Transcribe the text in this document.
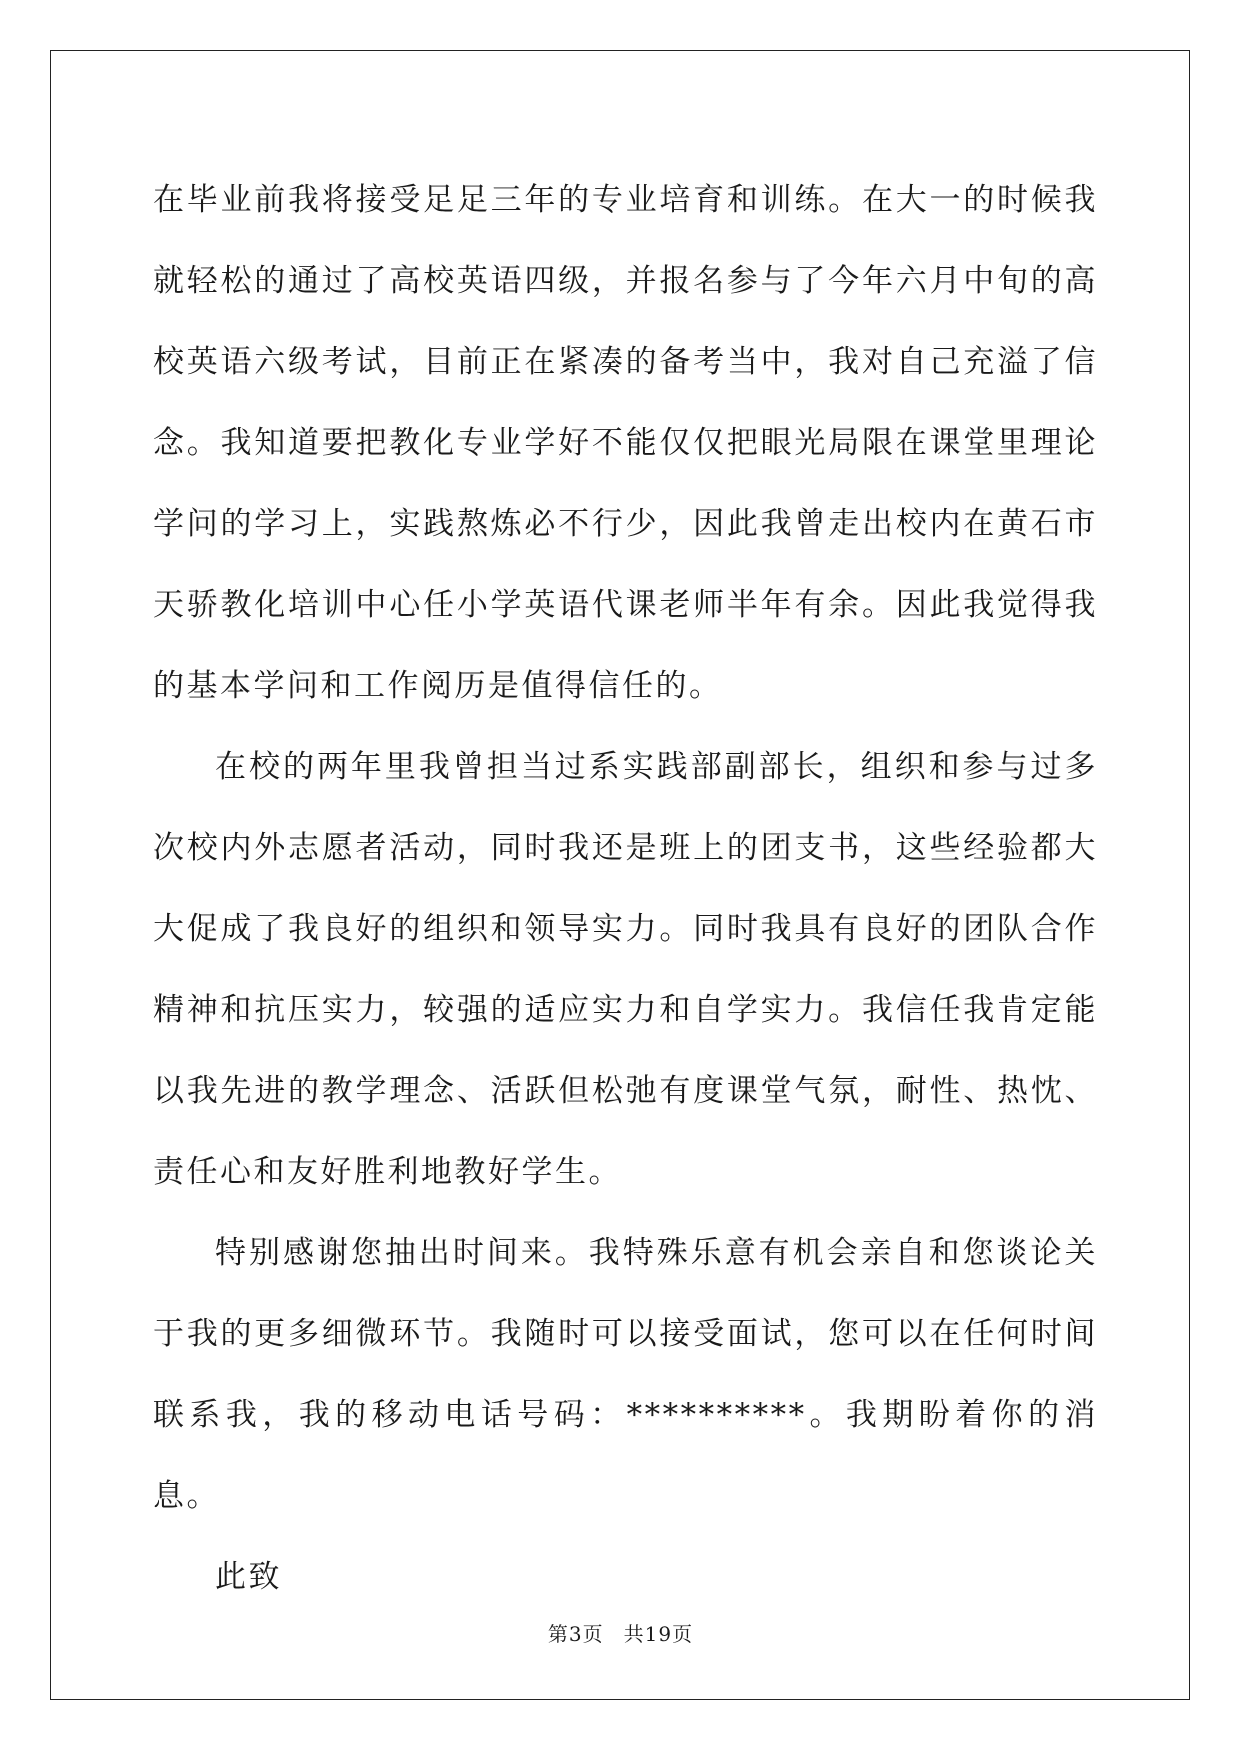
在毕业前我将接受足足三年的专业培育和训练。在大一的时候我就轻松的通过了高校英语四级，并报名参与了今年六月中旬的高校英语六级考试，目前正在紧凑的备考当中，我对自己充溢了信念。我知道要把教化专业学好不能仅仅把眼光局限在课堂里理论学问的学习上，实践熬炼必不行少，因此我曾走出校内在黄石市天骄教化培训中心任小学英语代课老师半年有余。因此我觉得我的基本学问和工作阅历是值得信任的。

在校的两年里我曾担当过系实践部副部长，组织和参与过多次校内外志愿者活动，同时我还是班上的团支书，这些经验都大大促成了我良好的组织和领导实力。同时我具有良好的团队合作精神和抗压实力，较强的适应实力和自学实力。我信任我肯定能以我先进的教学理念、活跃但松弛有度课堂气氛，耐性、热忱、责任心和友好胜利地教好学生。

特别感谢您抽出时间来。我特殊乐意有机会亲自和您谈论关于我的更多细微环节。我随时可以接受面试，您可以在任何时间联系我，我的移动电话号码：**********。我期盼着你的消息。

此致

第3页 共19页
